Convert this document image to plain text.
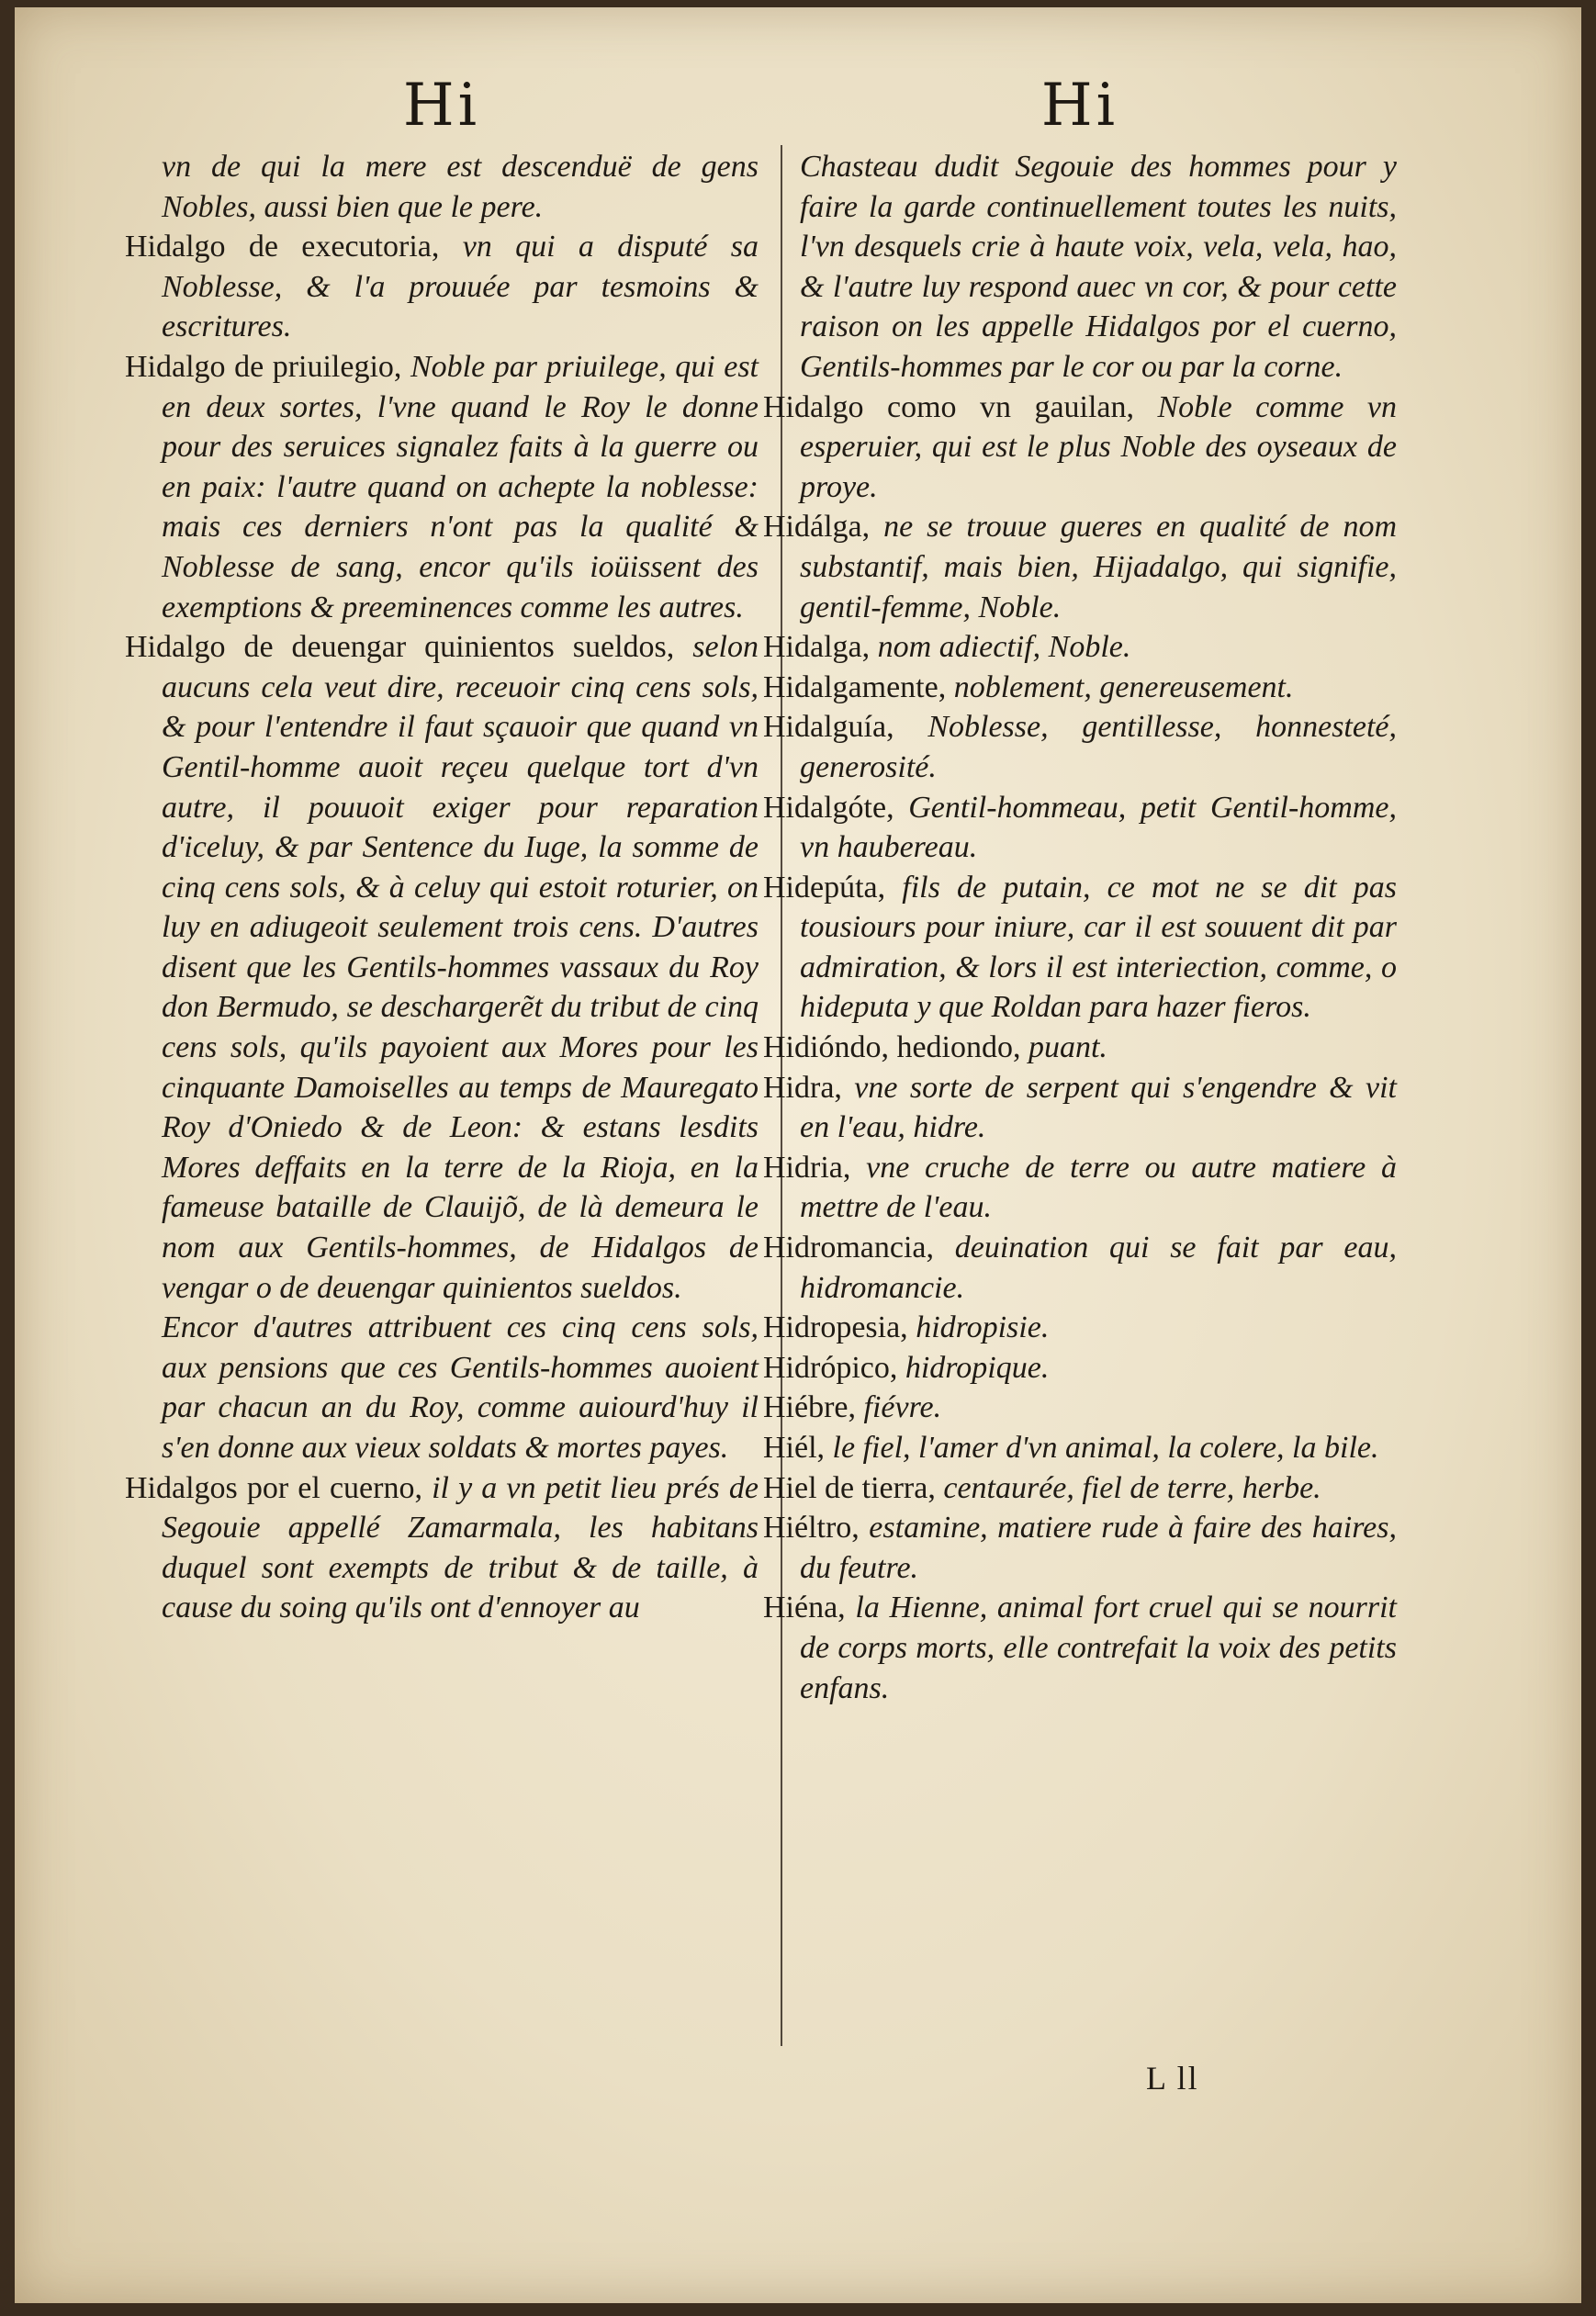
Hi

vn de qui la mere est descenduë de gens Nobles, aussi bien que le pere.

Hidalgo de executoria, vn qui a disputé sa Noblesse, & l'a prouuée par tesmoins & escritures.

Hidalgo de priuilegio, Noble par priuilege, qui est en deux sortes, l'vne quand le Roy le donne pour des seruices signalez faits à la guerre ou en paix: l'autre quand on achepte la noblesse: mais ces derniers n'ont pas la qualité & Noblesse de sang, encor qu'ils ioüissent des exemptions & preeminences comme les autres.

Hidalgo de deuengar quinientos sueldos, selon aucuns cela veut dire, receuoir cinq cens sols, & pour l'entendre il faut sçauoir que quand vn Gentil-homme auoit reçeu quelque tort d'vn autre, il pouuoit exiger pour reparation d'iceluy, & par Sentence du Iuge, la somme de cinq cens sols, & à celuy qui estoit roturier, on luy en adiugeoit seulement trois cens. D'autres disent que les Gentils-hommes vassaux du Roy don Bermudo, se deschargerẽt du tribut de cinq cens sols, qu'ils payoient aux Mores pour les cinquante Damoiselles au temps de Mauregato Roy d'Oniedo & de Leon: & estans lesdits Mores deffaits en la terre de la Rioja, en la fameuse bataille de Clauijõ, de là demeura le nom aux Gentils-hommes, de Hidalgos de vengar o de deuengar quinientos sueldos.

Encor d'autres attribuent ces cinq cens sols, aux pensions que ces Gentils-hommes auoient par chacun an du Roy, comme auiourd'huy il s'en donne aux vieux soldats & mortes payes.

Hidalgos por el cuerno, il y a vn petit lieu prés de Segouie appellé Zamarmala, les habitans duquel sont exempts de tribut & de taille, à cause du soing qu'ils ont d'ennoyer au

Hi

Chasteau dudit Segouie des hommes pour y faire la garde continuellement toutes les nuits, l'vn desquels crie à haute voix, vela, vela, hao, & l'autre luy respond auec vn cor, & pour cette raison on les appelle Hidalgos por el cuerno, Gentils-hommes par le cor ou par la corne.

Hidalgo como vn gauilan, Noble comme vn esperuier, qui est le plus Noble des oyseaux de proye.

Hidálga, ne se trouue gueres en qualité de nom substantif, mais bien, Hijadalgo, qui signifie, gentil-femme, Noble.

Hidalga, nom adiectif, Noble.

Hidalgamente, noblement, genereusement.

Hidalguía, Noblesse, gentillesse, honnesteté, generosité.

Hidalgóte, Gentil-hommeau, petit Gentil-homme, vn haubereau.

Hidepúta, fils de putain, ce mot ne se dit pas tousiours pour iniure, car il est souuent dit par admiration, & lors il est interiection, comme, o hideputa y que Roldan para hazer fieros.

Hidióndo, hediondo, puant.

Hidra, vne sorte de serpent qui s'engendre & vit en l'eau, hidre.

Hidria, vne cruche de terre ou autre matiere à mettre de l'eau.

Hidromancia, deuination qui se fait par eau, hidromancie.

Hidropesia, hidropisie.

Hidrópico, hidropique.

Hiébre, fiévre.

Hiél, le fiel, l'amer d'vn animal, la colere, la bile.

Hiel de tierra, centaurée, fiel de terre, herbe.

Hiéltro, estamine, matiere rude à faire des haires, du feutre.

Hiéna, la Hienne, animal fort cruel qui se nourrit de corps morts, elle contrefait la voix des petits enfans.

L ll
